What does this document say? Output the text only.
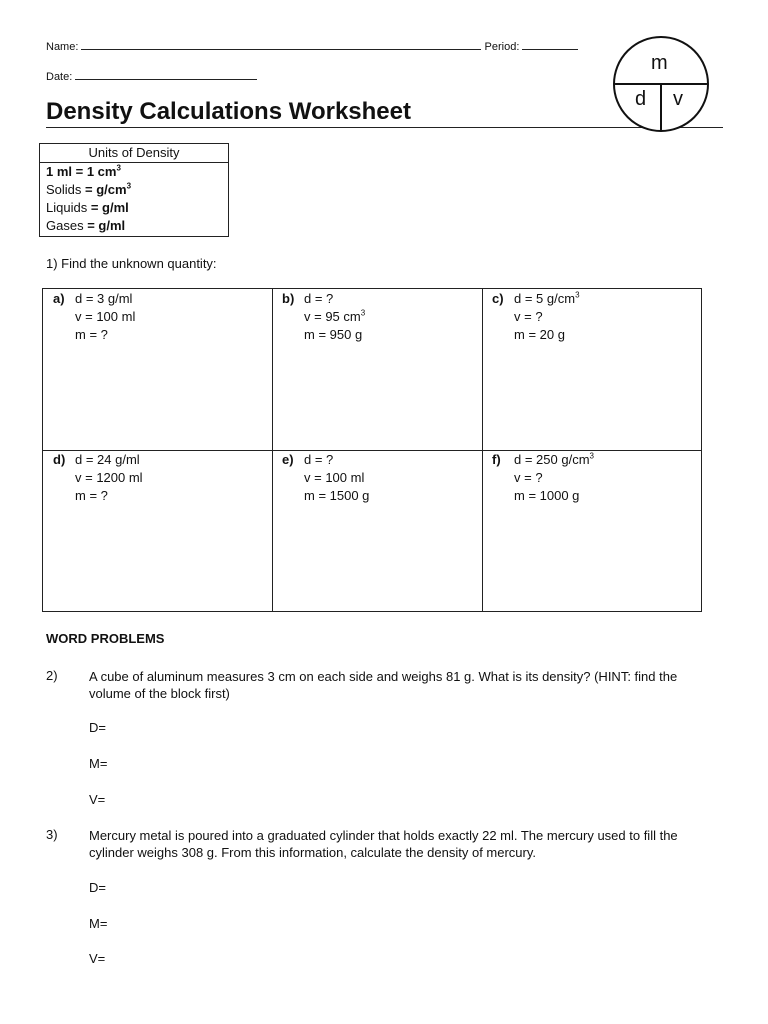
Name:	Period:
Date:
Density Calculations Worksheet
m
d v
Units of Density
1 ml = 1 $cm^3$
Solids = $g/cm^3$
Liquids = g/ml
Gases = g/ml
1) Find the unknown quantity:
a) d = 3 g/ml
v = 100 ml
m = ?
b) d = ?
v = 95 $cm^3$
m = 950 g
c) d = 5 $g/cm^3$
v = ?
m = 20 g
d) d = 24 g/ml
v = 1200 ml
m = ?
e) d = ?
v = 100 ml
m = 1500 g
f) d = 250 $g/cm^3$
v = ?
m = 1000 g
WORD PROBLEMS
2) A cube of aluminum measures 3 cm on each side and weighs 81 g. What is its density? (HINT: find the volume of the block first)
D=
M=
V=
3) Mercury metal is poured into a graduated cylinder that holds exactly 22 ml. The mercury used to fill the cylinder weighs 308 g. From this information, calculate the density of mercury.
D=
M=
V=
